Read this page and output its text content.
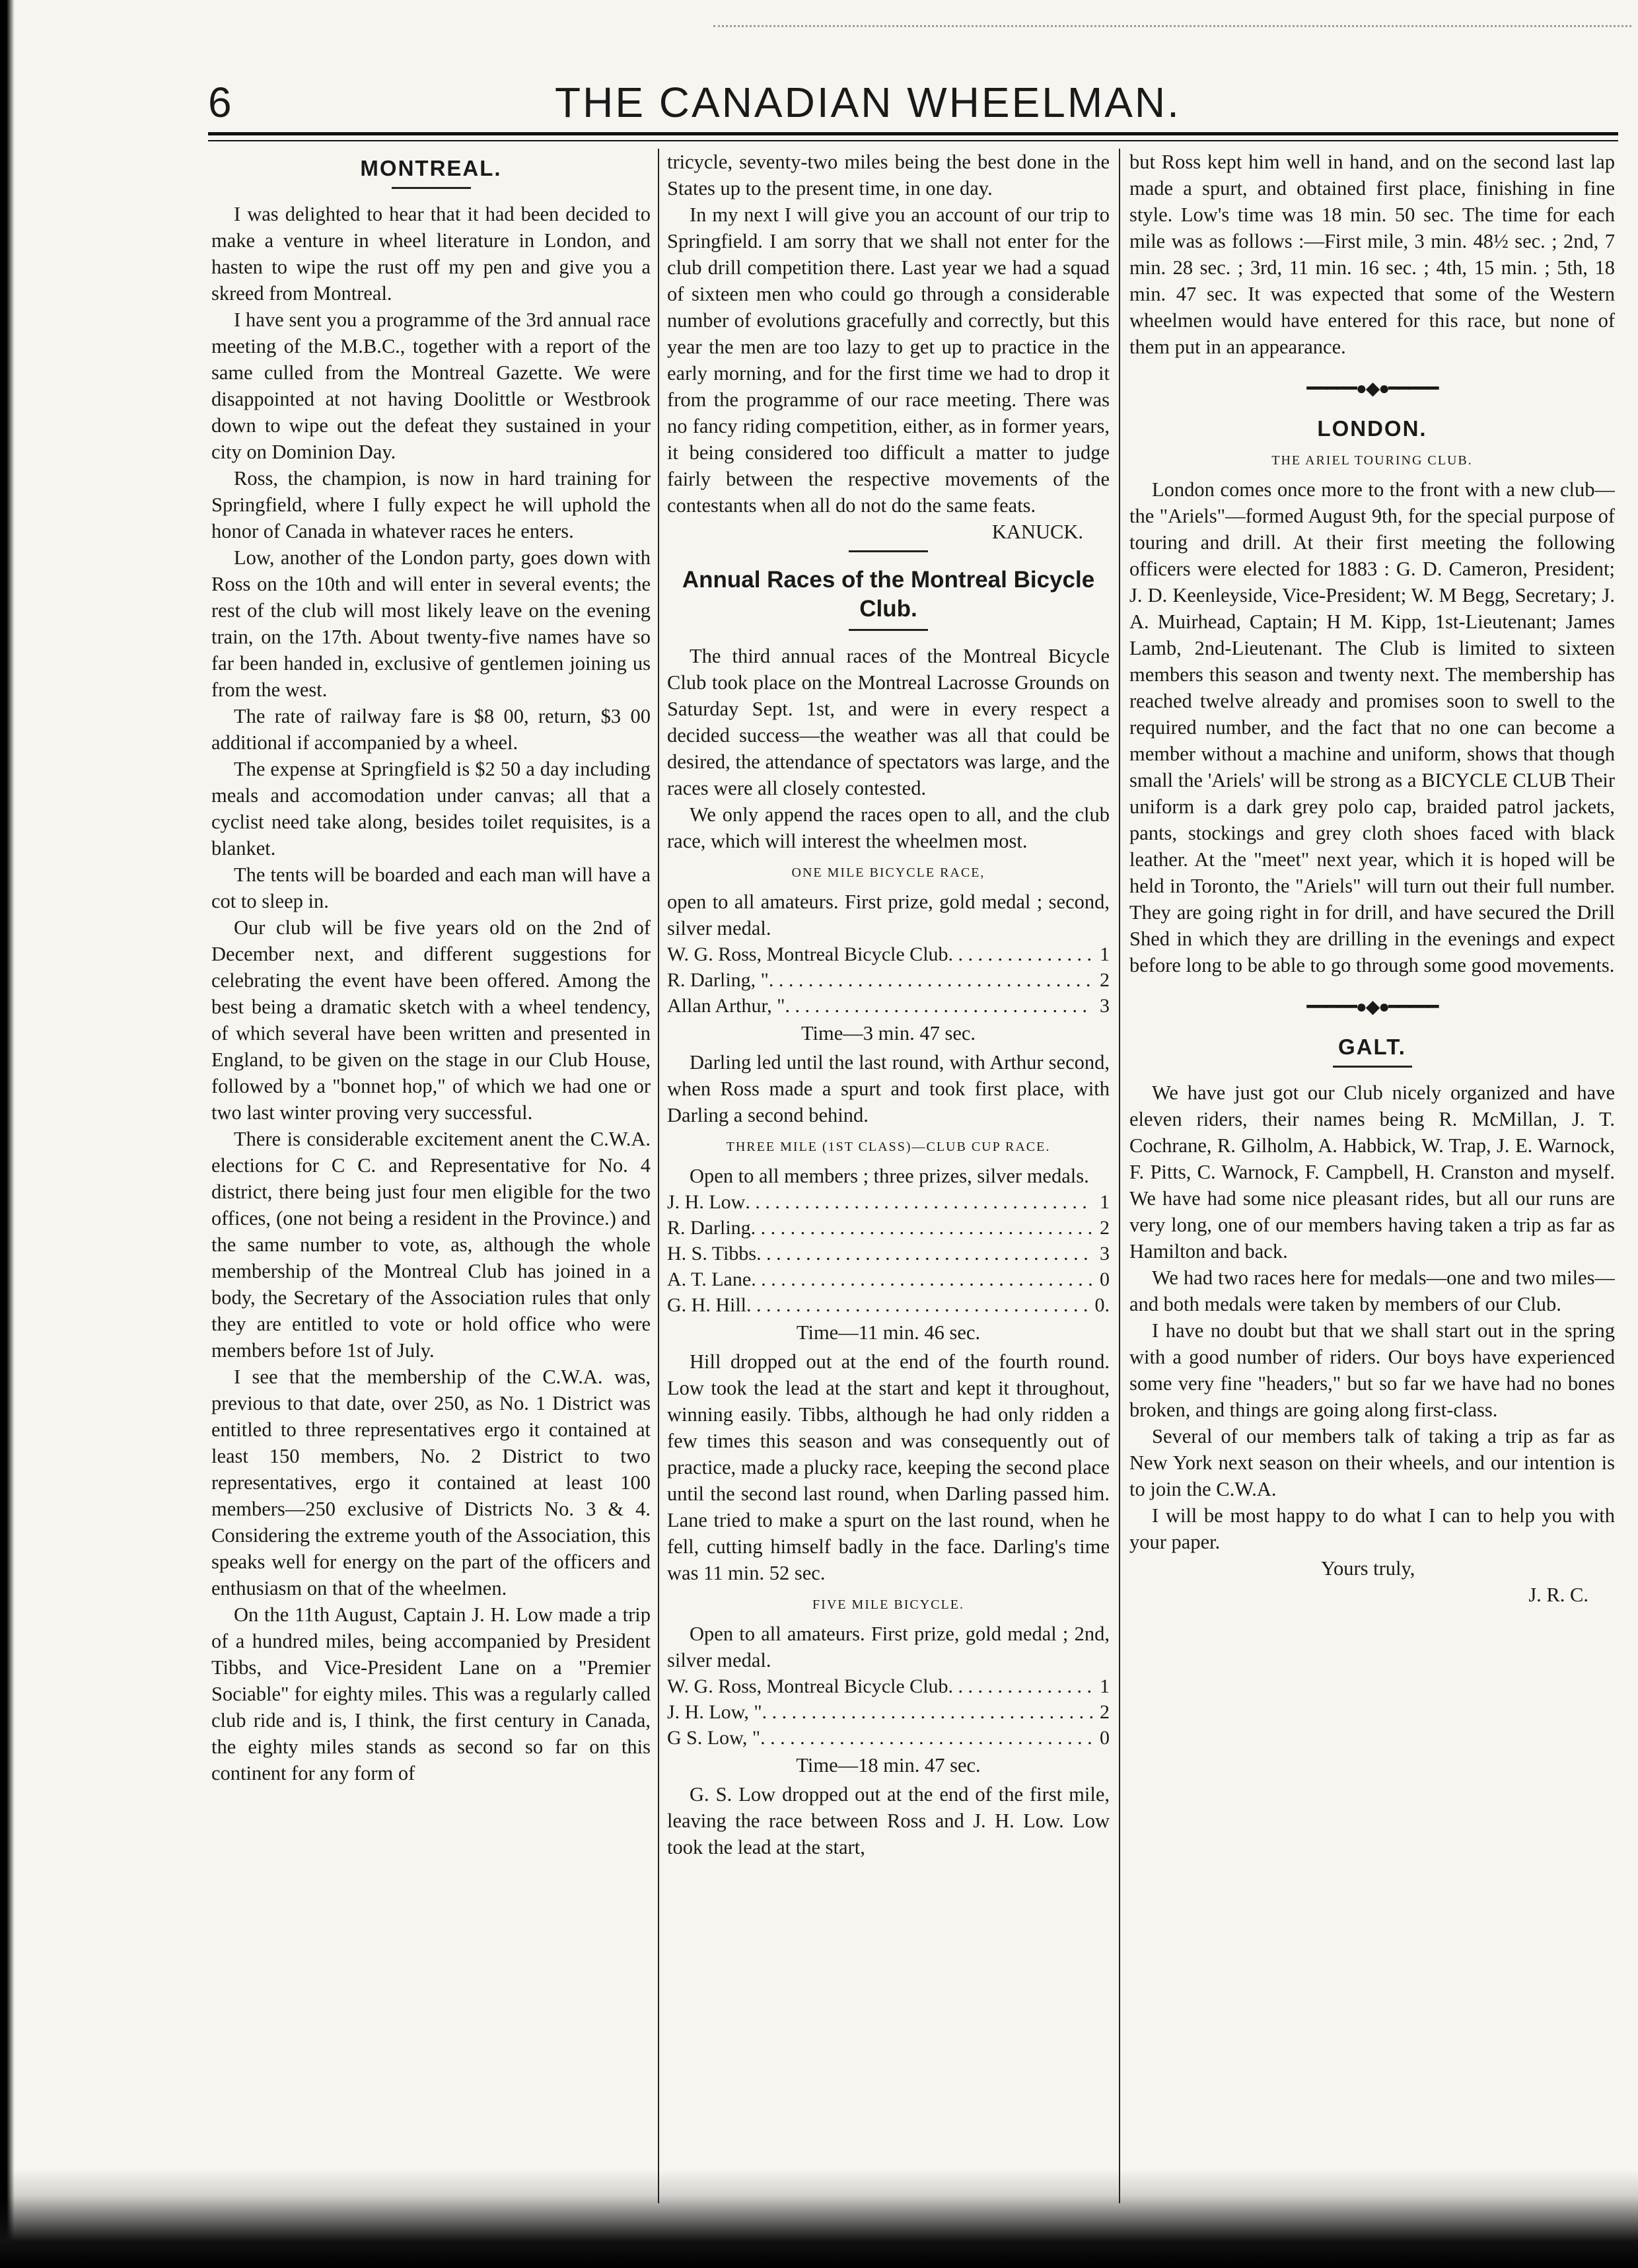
6	THE CANADIAN WHEELMAN.
MONTREAL.

I was delighted to hear that it had been decided to make a venture in wheel literature in London, and hasten to wipe the rust off my pen and give you a skreed from Montreal.

I have sent you a programme of the 3rd annual race meeting of the M.B.C., together with a report of the same culled from the Montreal Gazette. We were disappointed at not having Doolittle or Westbrook down to wipe out the defeat they sustained in your city on Dominion Day.

Ross, the champion, is now in hard training for Springfield, where I fully expect he will uphold the honor of Canada in whatever races he enters.

Low, another of the London party, goes down with Ross on the 10th and will enter in several events; the rest of the club will most likely leave on the evening train, on the 17th. About twenty-five names have so far been handed in, exclusive of gentlemen joining us from the west.

The rate of railway fare is $8 00, return, $3 00 additional if accompanied by a wheel.

The expense at Springfield is $2 50 a day including meals and accomodation under canvas; all that a cyclist need take along, besides toilet requisites, is a blanket.

The tents will be boarded and each man will have a cot to sleep in.

Our club will be five years old on the 2nd of December next, and different suggestions for celebrating the event have been offered. Among the best being a dramatic sketch with a wheel tendency, of which several have been written and presented in England, to be given on the stage in our Club House, followed by a "bonnet hop," of which we had one or two last winter proving very successful.

There is considerable excitement anent the C.W.A. elections for C C. and Representative for No. 4 district, there being just four men eligible for the two offices, (one not being a resident in the Province.) and the same number to vote, as, although the whole membership of the Montreal Club has joined in a body, the Secretary of the Association rules that only they are entitled to vote or hold office who were members before 1st of July.

I see that the membership of the C.W.A. was, previous to that date, over 250, as No. 1 District was entitled to three representatives ergo it contained at least 150 members, No. 2 District to two representatives, ergo it contained at least 100 members—250 exclusive of Districts No. 3 & 4. Considering the extreme youth of the Association, this speaks well for energy on the part of the officers and enthusiasm on that of the wheelmen.

On the 11th August, Captain J. H. Low made a trip of a hundred miles, being accompanied by President Tibbs, and Vice-President Lane on a "Premier Sociable" for eighty miles. This was a regularly called club ride and is, I think, the first century in Canada, the eighty miles stands as second so far on this continent for any form of

tricycle, seventy-two miles being the best done in the States up to the present time, in one day.

In my next I will give you an account of our trip to Springfield. I am sorry that we shall not enter for the club drill competition there. Last year we had a squad of sixteen men who could go through a considerable number of evolutions gracefully and correctly, but this year the men are too lazy to get up to practice in the early morning, and for the first time we had to drop it from the programme of our race meeting. There was no fancy riding competition, either, as in former years, it being considered too difficult a matter to judge fairly between the respective movements of the contestants when all do not do the same feats.

KANUCK.
Annual Races of the Montreal Bicycle Club.

The third annual races of the Montreal Bicycle Club took place on the Montreal Lacrosse Grounds on Saturday Sept. 1st, and were in every respect a decided success—the weather was all that could be desired, the attendance of spectators was large, and the races were all closely contested.

We only append the races open to all, and the club race, which will interest the wheelmen most.

ONE MILE BICYCLE RACE,

open to all amateurs. First prize, gold medal ; second, silver medal.

W. G. Ross, Montreal Bicycle Club . . .	1
R. Darling, " . . .	2
Allan Arthur, " . . .	3
Time—3 min. 47 sec.

Darling led until the last round, with Arthur second, when Ross made a spurt and took first place, with Darling a second behind.

THREE MILE (1ST CLASS)—CLUB CUP RACE.

Open to all members ; three prizes, silver medals.

J. H. Low . . .	1
R. Darling . . .	2
H. S. Tibbs . . .	3
A. T. Lane . . .	0
G. H. Hill . . .	0.
Time—11 min. 46 sec.

Hill dropped out at the end of the fourth round. Low took the lead at the start and kept it throughout, winning easily. Tibbs, although he had only ridden a few times this season and was consequently out of practice, made a plucky race, keeping the second place until the second last round, when Darling passed him. Lane tried to make a spurt on the last round, when he fell, cutting himself badly in the face. Darling's time was 11 min. 52 sec.

FIVE MILE BICYCLE.

Open to all amateurs. First prize, gold medal ; 2nd, silver medal.

W. G. Ross, Montreal Bicycle Club . . .	1
J. H. Low, " . . .	2
G S. Low, " . . .	0
Time—18 min. 47 sec.

G. S. Low dropped out at the end of the first mile, leaving the race between Ross and J. H. Low. Low took the lead at the start,

but Ross kept him well in hand, and on the second last lap made a spurt, and obtained first place, finishing in fine style. Low's time was 18 min. 50 sec. The time for each mile was as follows :—First mile, 3 min. 48½ sec. ; 2nd, 7 min. 28 sec. ; 3rd, 11 min. 16 sec. ; 4th, 15 min. ; 5th, 18 min. 47 sec. It was expected that some of the Western wheelmen would have entered for this race, but none of them put in an appearance.

━━━━━●◆●━━━━━
LONDON.
THE ARIEL TOURING CLUB.

London comes once more to the front with a new club—the "Ariels"—formed August 9th, for the special purpose of touring and drill. At their first meeting the following officers were elected for 1883 : G. D. Cameron, President; J. D. Keenleyside, Vice-President; W. M Begg, Secretary; J. A. Muirhead, Captain; H M. Kipp, 1st-Lieutenant; James Lamb, 2nd-Lieutenant. The Club is limited to sixteen members this season and twenty next. The membership has reached twelve already and promises soon to swell to the required number, and the fact that no one can become a member without a machine and uniform, shows that though small the 'Ariels' will be strong as a BICYCLE CLUB Their uniform is a dark grey polo cap, braided patrol jackets, pants, stockings and grey cloth shoes faced with black leather. At the "meet" next year, which it is hoped will be held in Toronto, the "Ariels" will turn out their full number. They are going right in for drill, and have secured the Drill Shed in which they are drilling in the evenings and expect before long to be able to go through some good movements.

━━━━━●◆●━━━━━
GALT.

We have just got our Club nicely organized and have eleven riders, their names being R. McMillan, J. T. Cochrane, R. Gilholm, A. Habbick, W. Trap, J. E. Warnock, F. Pitts, C. Warnock, F. Campbell, H. Cranston and myself. We have had some nice pleasant rides, but all our runs are very long, one of our members having taken a trip as far as Hamilton and back.

We had two races here for medals—one and two miles—and both medals were taken by members of our Club.

I have no doubt but that we shall start out in the spring with a good number of riders. Our boys have experienced some very fine "headers," but so far we have had no bones broken, and things are going along first-class.

Several of our members talk of taking a trip as far as New York next season on their wheels, and our intention is to join the C.W.A.

I will be most happy to do what I can to help you with your paper.

Yours truly,
J. R. C.
